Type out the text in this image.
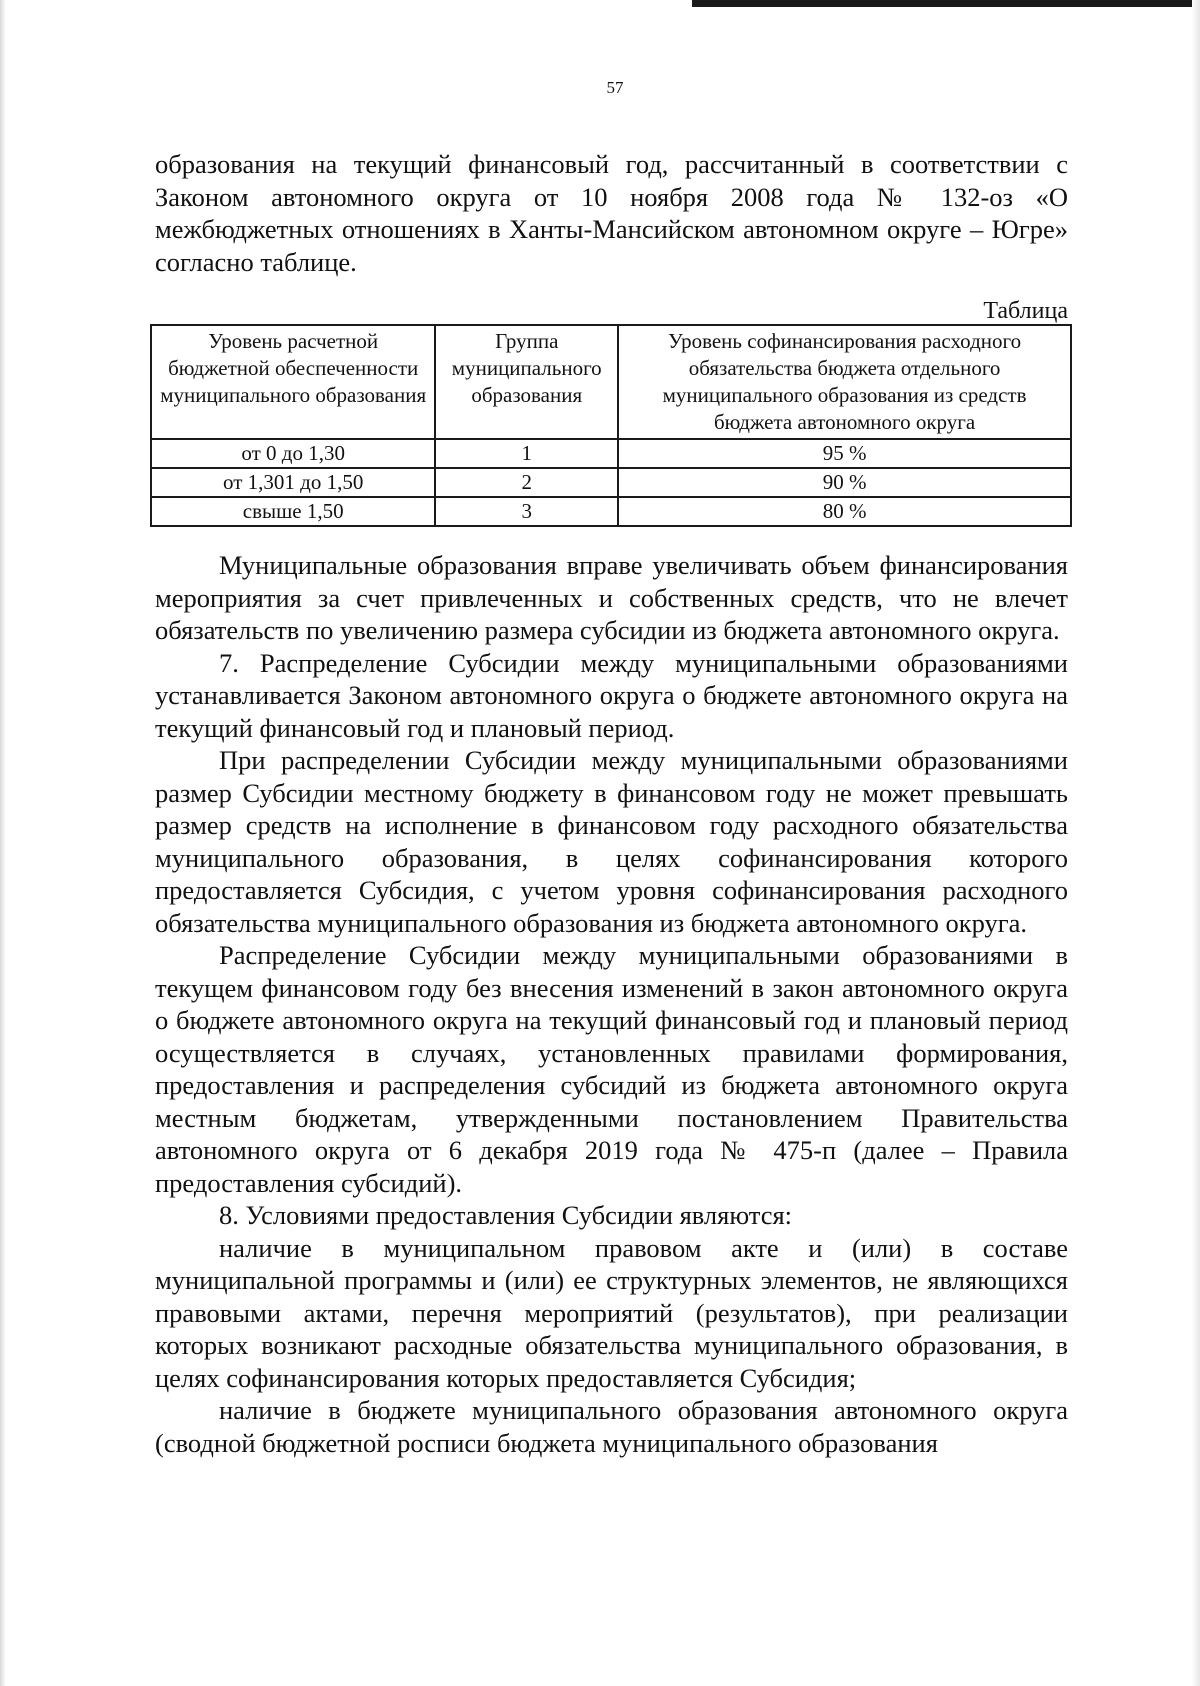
57

образования на текущий финансовый год, рассчитанный в соответствии с Законом автономного округа от 10 ноября 2008 года № 132-оз «О межбюджетных отношениях в Ханты-Мансийском автономном округе – Югре» согласно таблице.

Таблица
Уровень расчетной бюджетной обеспеченности муниципального образования	Группа муниципального образования	Уровень софинансирования расходного обязательства бюджета отдельного муниципального образования из средств бюджета автономного округа
от 0 до 1,30	1	95 %
от 1,301 до 1,50	2	90 %
свыше 1,50	3	80 %

Муниципальные образования вправе увеличивать объем финансирования мероприятия за счет привлеченных и собственных средств, что не влечет обязательств по увеличению размера субсидии из бюджета автономного округа.

7. Распределение Субсидии между муниципальными образованиями устанавливается Законом автономного округа о бюджете автономного округа на текущий финансовый год и плановый период.

При распределении Субсидии между муниципальными образованиями размер Субсидии местному бюджету в финансовом году не может превышать размер средств на исполнение в финансовом году расходного обязательства муниципального образования, в целях софинансирования которого предоставляется Субсидия, с учетом уровня софинансирования расходного обязательства муниципального образования из бюджета автономного округа.

Распределение Субсидии между муниципальными образованиями в текущем финансовом году без внесения изменений в закон автономного округа о бюджете автономного округа на текущий финансовый год и плановый период осуществляется в случаях, установленных правилами формирования, предоставления и распределения субсидий из бюджета автономного округа местным бюджетам, утвержденными постановлением Правительства автономного округа от 6 декабря 2019 года № 475-п (далее – Правила предоставления субсидий).

8. Условиями предоставления Субсидии являются:

наличие в муниципальном правовом акте и (или) в составе муниципальной программы и (или) ее структурных элементов, не являющихся правовыми актами, перечня мероприятий (результатов), при реализации которых возникают расходные обязательства муниципального образования, в целях софинансирования которых предоставляется Субсидия;

наличие в бюджете муниципального образования автономного округа (сводной бюджетной росписи бюджета муниципального образования
